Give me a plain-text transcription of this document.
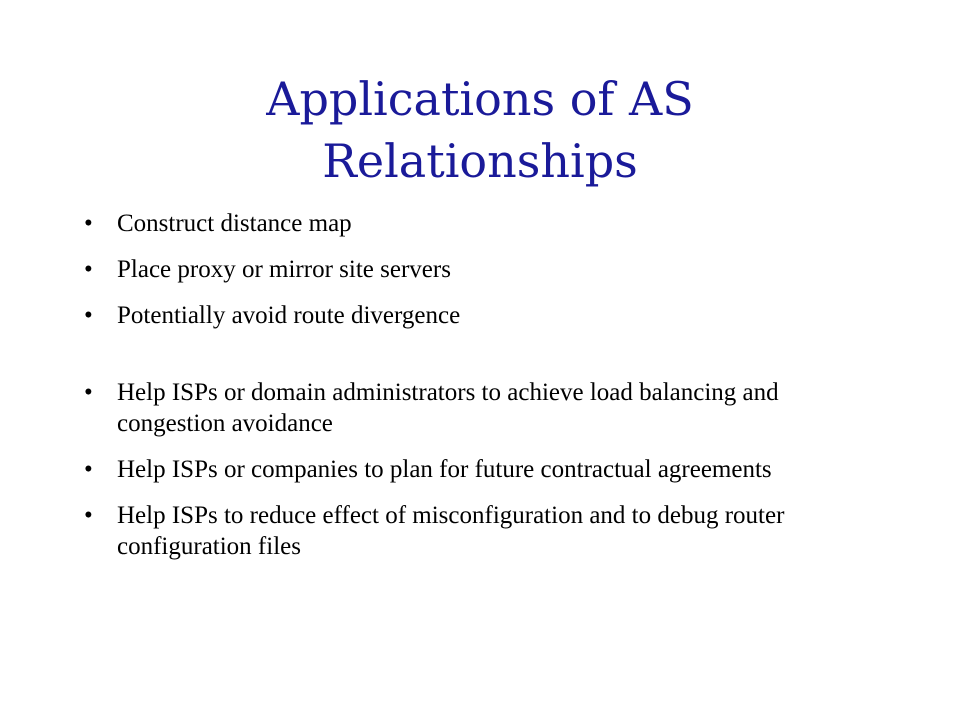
Applications of AS
Relationships
• Construct distance map
• Place proxy or mirror site servers
• Potentially avoid route divergence
• Help ISPs or domain administrators to achieve load balancing and congestion avoidance
• Help ISPs or companies to plan for future contractual agreements
• Help ISPs to reduce effect of misconfiguration and to debug router configuration files
